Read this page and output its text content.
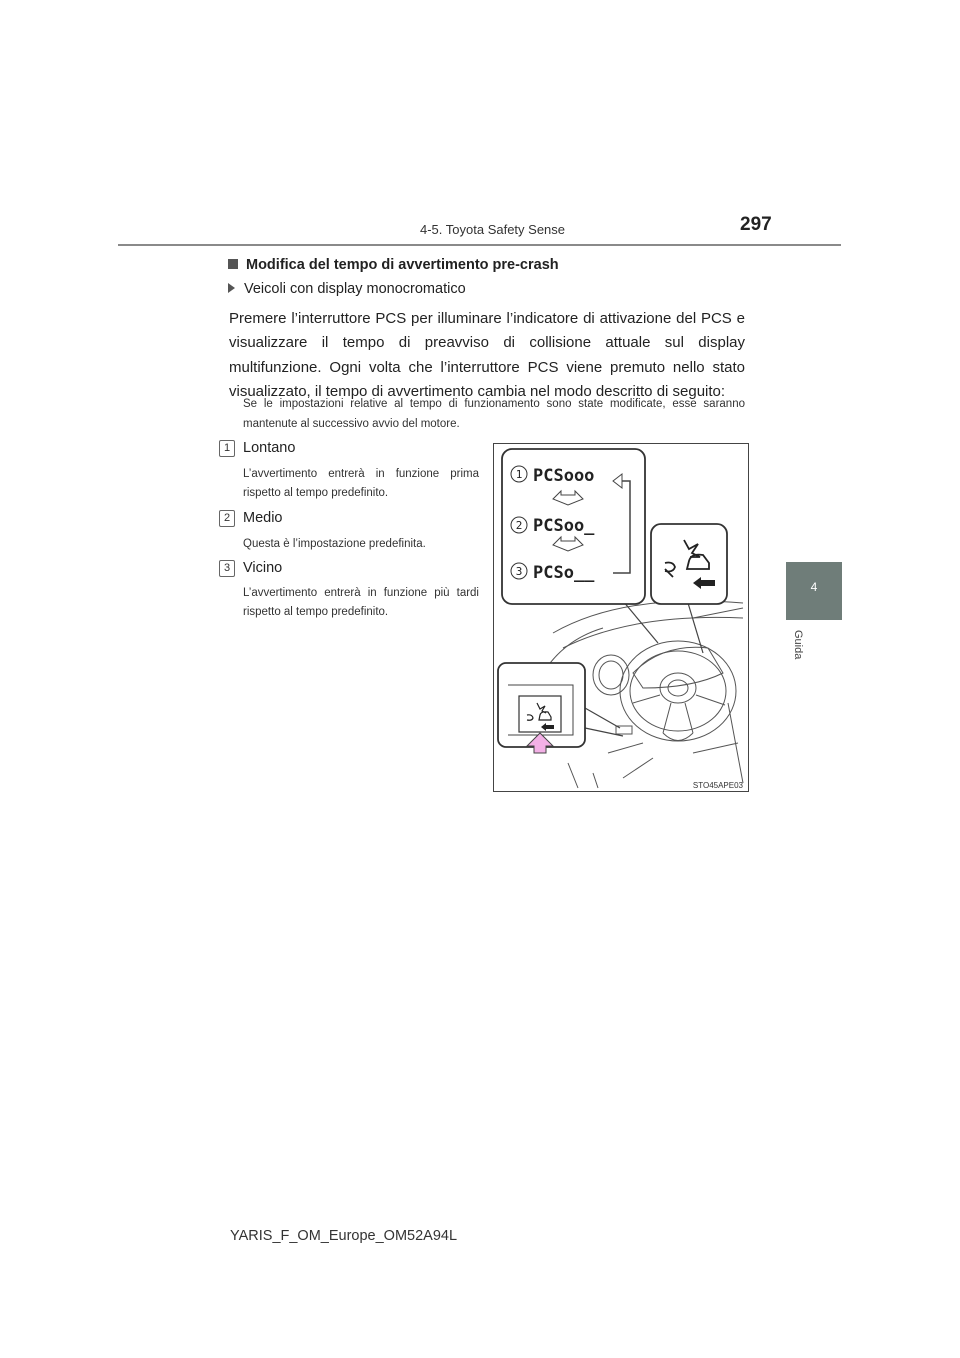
4-5. Toyota Safety Sense	297
4
Guida
Modifica del tempo di avvertimento pre-crash
Veicoli con display monocromatico
Premere l’interruttore PCS per illuminare l’indicatore di attivazione del PCS e visualizzare il tempo di preavviso di collisione attuale sul display multifunzione. Ogni volta che l’interruttore PCS viene premuto nello stato visualizzato, il tempo di avvertimento cambia nel modo descritto di seguito:
Se le impostazioni relative al tempo di funzionamento sono state modificate, esse saranno mantenute al successivo avvio del motore.
1 Lontano
L’avvertimento entrerà in funzione prima rispetto al tempo predefinito.
2 Medio
Questa è l’impostazione predefinita.
3 Vicino
L’avvertimento entrerà in funzione più tardi rispetto al tempo predefinito.
1 PCSooo
2 PCSoo_
3 PCSo__
STO45APE03
YARIS_F_OM_Europe_OM52A94L
